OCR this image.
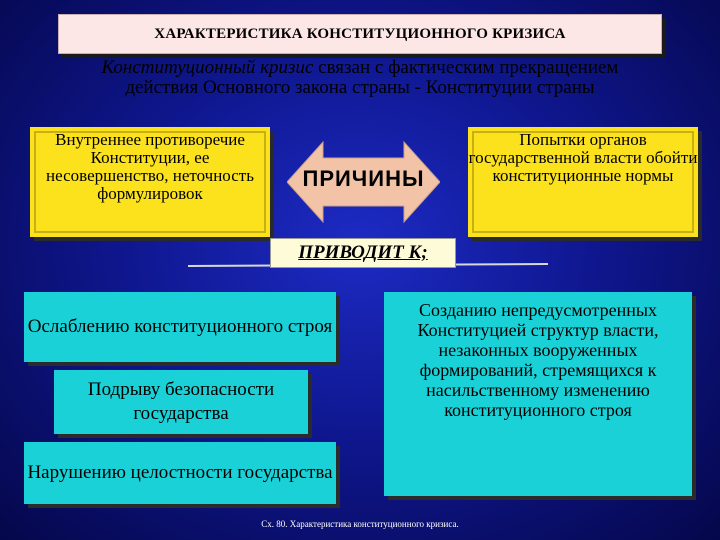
ХАРАКТЕРИСТИКА КОНСТИТУЦИОННОГО КРИЗИСА
Конституционный кризис связан с фактическим прекращением действия Основного закона страны - Конституции страны
Внутреннее противоречие Конституции, ее несовершенство, неточность формулировок
ПРИЧИНЫ
Попытки органов государственной власти обойти конституционные нормы
ПРИВОДИТ К;
Ослаблению конституционного строя
Подрыву безопасности государства
Нарушению целостности государства
Созданию непредусмотренных Конституцией структур власти, незаконных вооруженных формирований, стремящихся к насильственному изменению конституционного строя
Сх. 80. Характеристика конституционного кризиса.
